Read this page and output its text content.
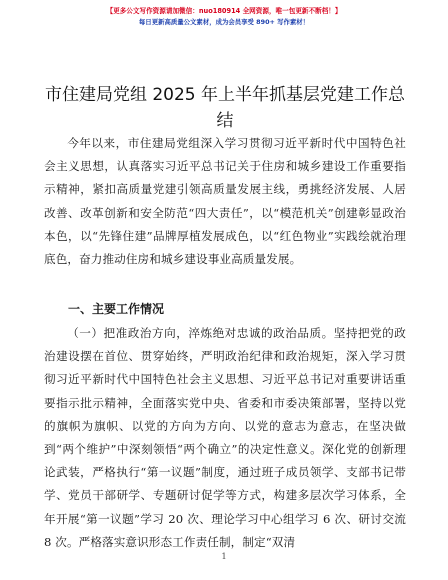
【更多公文写作资源请加微信：nuo180914 全网资源，唯一包更新不断档！】
每日更新高质量公文素材，成为会员享受 890+ 写作素材！
市住建局党组 2025 年上半年抓基层党建工作总结
今年以来，市住建局党组深入学习贯彻习近平新时代中国特色社会主义思想，认真落实习近平总书记关于住房和城乡建设工作重要指示精神，紧扣高质量党建引领高质量发展主线，勇挑经济发展、人居改善、改革创新和安全防范“四大责任”，以“模范机关”创建彰显政治本色，以“先锋住建”品牌厚植发展成色，以“红色物业”实践绘就治理底色，奋力推动住房和城乡建设事业高质量发展。
一、主要工作情况
（一）把准政治方向，淬炼绝对忠诚的政治品质。坚持把党的政治建设摆在首位、贯穿始终，严明政治纪律和政治规矩，深入学习贯彻习近平新时代中国特色社会主义思想、习近平总书记对重要讲话重要指示批示精神，全面落实党中央、省委和市委决策部署，坚持以党的旗帜为旗帜、以党的方向为方向、以党的意志为意志，在坚决做到“两个维护”中深刻领悟“两个确立”的决定性意义。深化党的创新理论武装，严格执行“第一议题”制度，通过班子成员领学、支部书记带学、党员干部研学、专题研讨促学等方式，构建多层次学习体系，全年开展“第一议题”学习 20 次、理论学习中心组学习 6 次、研讨交流 8 次。严格落实意识形态工作责任制，制定“双清
1
